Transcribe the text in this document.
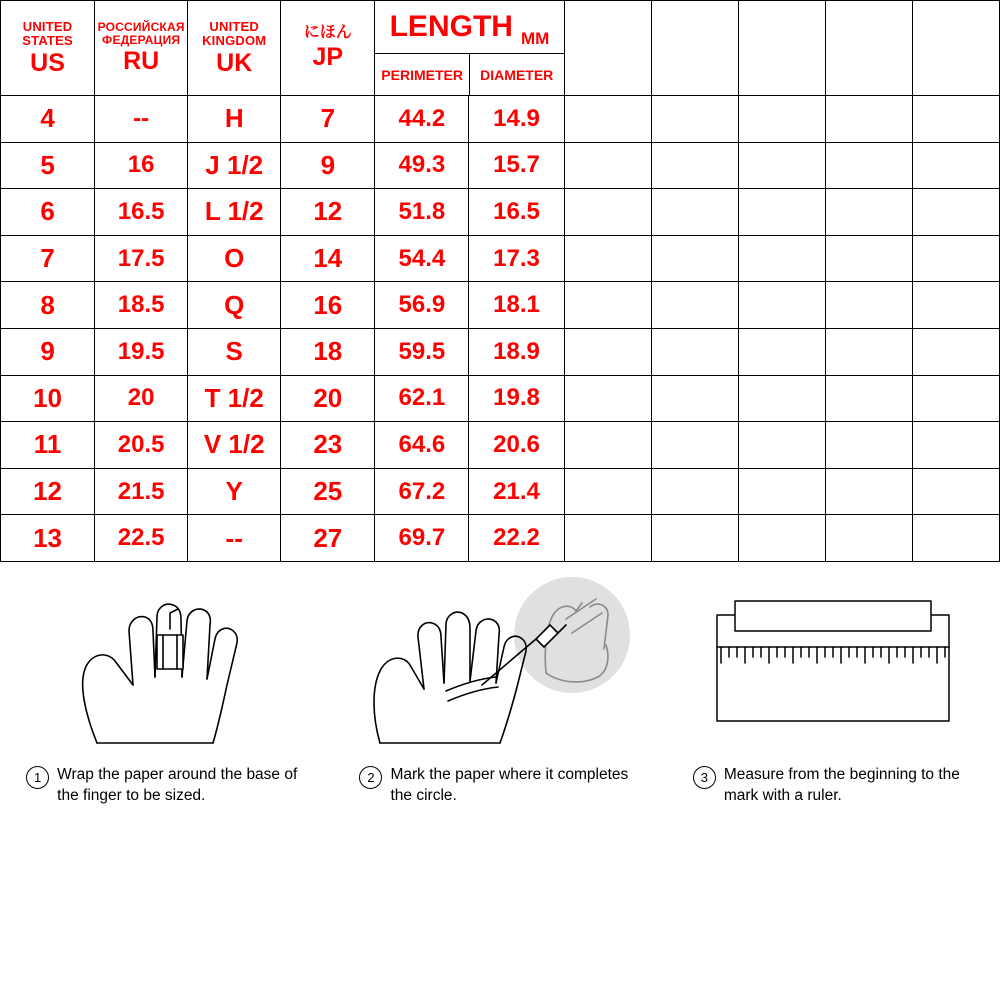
UNITED
STATES
US

РОССИЙСКАЯ
ФЕДЕРАЦИЯ
RU

UNITED
KINGDOM
UK

にほん
JP

LENGTH MM
PERIMETER	DIAMETER

4	--	H	7	44.2	14.9					
5	16	J 1/2	9	49.3	15.7					
6	16.5	L 1/2	12	51.8	16.5					
7	17.5	O	14	54.4	17.3					
8	18.5	Q	16	56.9	18.1					
9	19.5	S	18	59.5	18.9					
10	20	T 1/2	20	62.1	19.8					
11	20.5	V 1/2	23	64.6	20.6					
12	21.5	Y	25	67.2	21.4					
13	22.5	--	27	69.7	22.2					
1	Wrap the paper around the base of the finger to be sized.
2	Mark the paper where it completes the circle.
3	Measure from the beginning to the mark with a ruler.
